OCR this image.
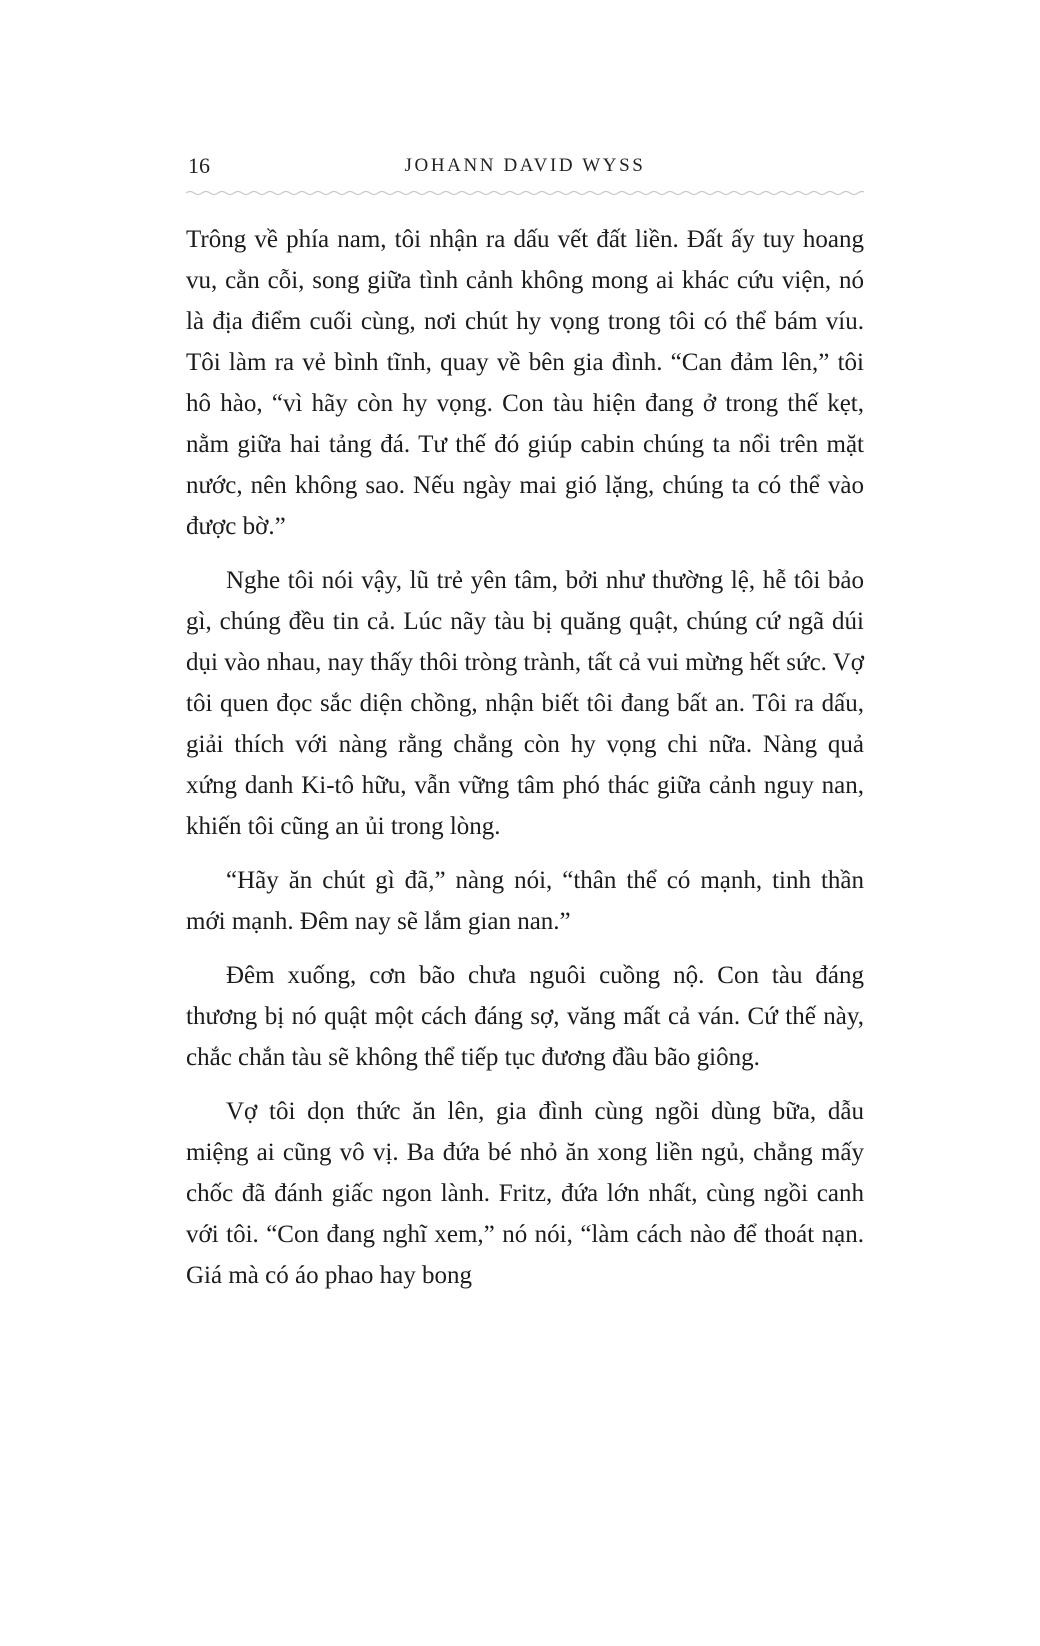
16	JOHANN DAVID WYSS

Trông về phía nam, tôi nhận ra dấu vết đất liền. Đất ấy tuy hoang vu, cằn cỗi, song giữa tình cảnh không mong ai khác cứu viện, nó là địa điểm cuối cùng, nơi chút hy vọng trong tôi có thể bám víu. Tôi làm ra vẻ bình tĩnh, quay về bên gia đình. “Can đảm lên,” tôi hô hào, “vì hãy còn hy vọng. Con tàu hiện đang ở trong thế kẹt, nằm giữa hai tảng đá. Tư thế đó giúp cabin chúng ta nổi trên mặt nước, nên không sao. Nếu ngày mai gió lặng, chúng ta có thể vào được bờ.”

Nghe tôi nói vậy, lũ trẻ yên tâm, bởi như thường lệ, hễ tôi bảo gì, chúng đều tin cả. Lúc nãy tàu bị quăng quật, chúng cứ ngã dúi dụi vào nhau, nay thấy thôi tròng trành, tất cả vui mừng hết sức. Vợ tôi quen đọc sắc diện chồng, nhận biết tôi đang bất an. Tôi ra dấu, giải thích với nàng rằng chẳng còn hy vọng chi nữa. Nàng quả xứng danh Ki-tô hữu, vẫn vững tâm phó thác giữa cảnh nguy nan, khiến tôi cũng an ủi trong lòng.

“Hãy ăn chút gì đã,” nàng nói, “thân thể có mạnh, tinh thần mới mạnh. Đêm nay sẽ lắm gian nan.”

Đêm xuống, cơn bão chưa nguôi cuồng nộ. Con tàu đáng thương bị nó quật một cách đáng sợ, văng mất cả ván. Cứ thế này, chắc chắn tàu sẽ không thể tiếp tục đương đầu bão giông.

Vợ tôi dọn thức ăn lên, gia đình cùng ngồi dùng bữa, dẫu miệng ai cũng vô vị. Ba đứa bé nhỏ ăn xong liền ngủ, chẳng mấy chốc đã đánh giấc ngon lành. Fritz, đứa lớn nhất, cùng ngồi canh với tôi. “Con đang nghĩ xem,” nó nói, “làm cách nào để thoát nạn. Giá mà có áo phao hay bong
